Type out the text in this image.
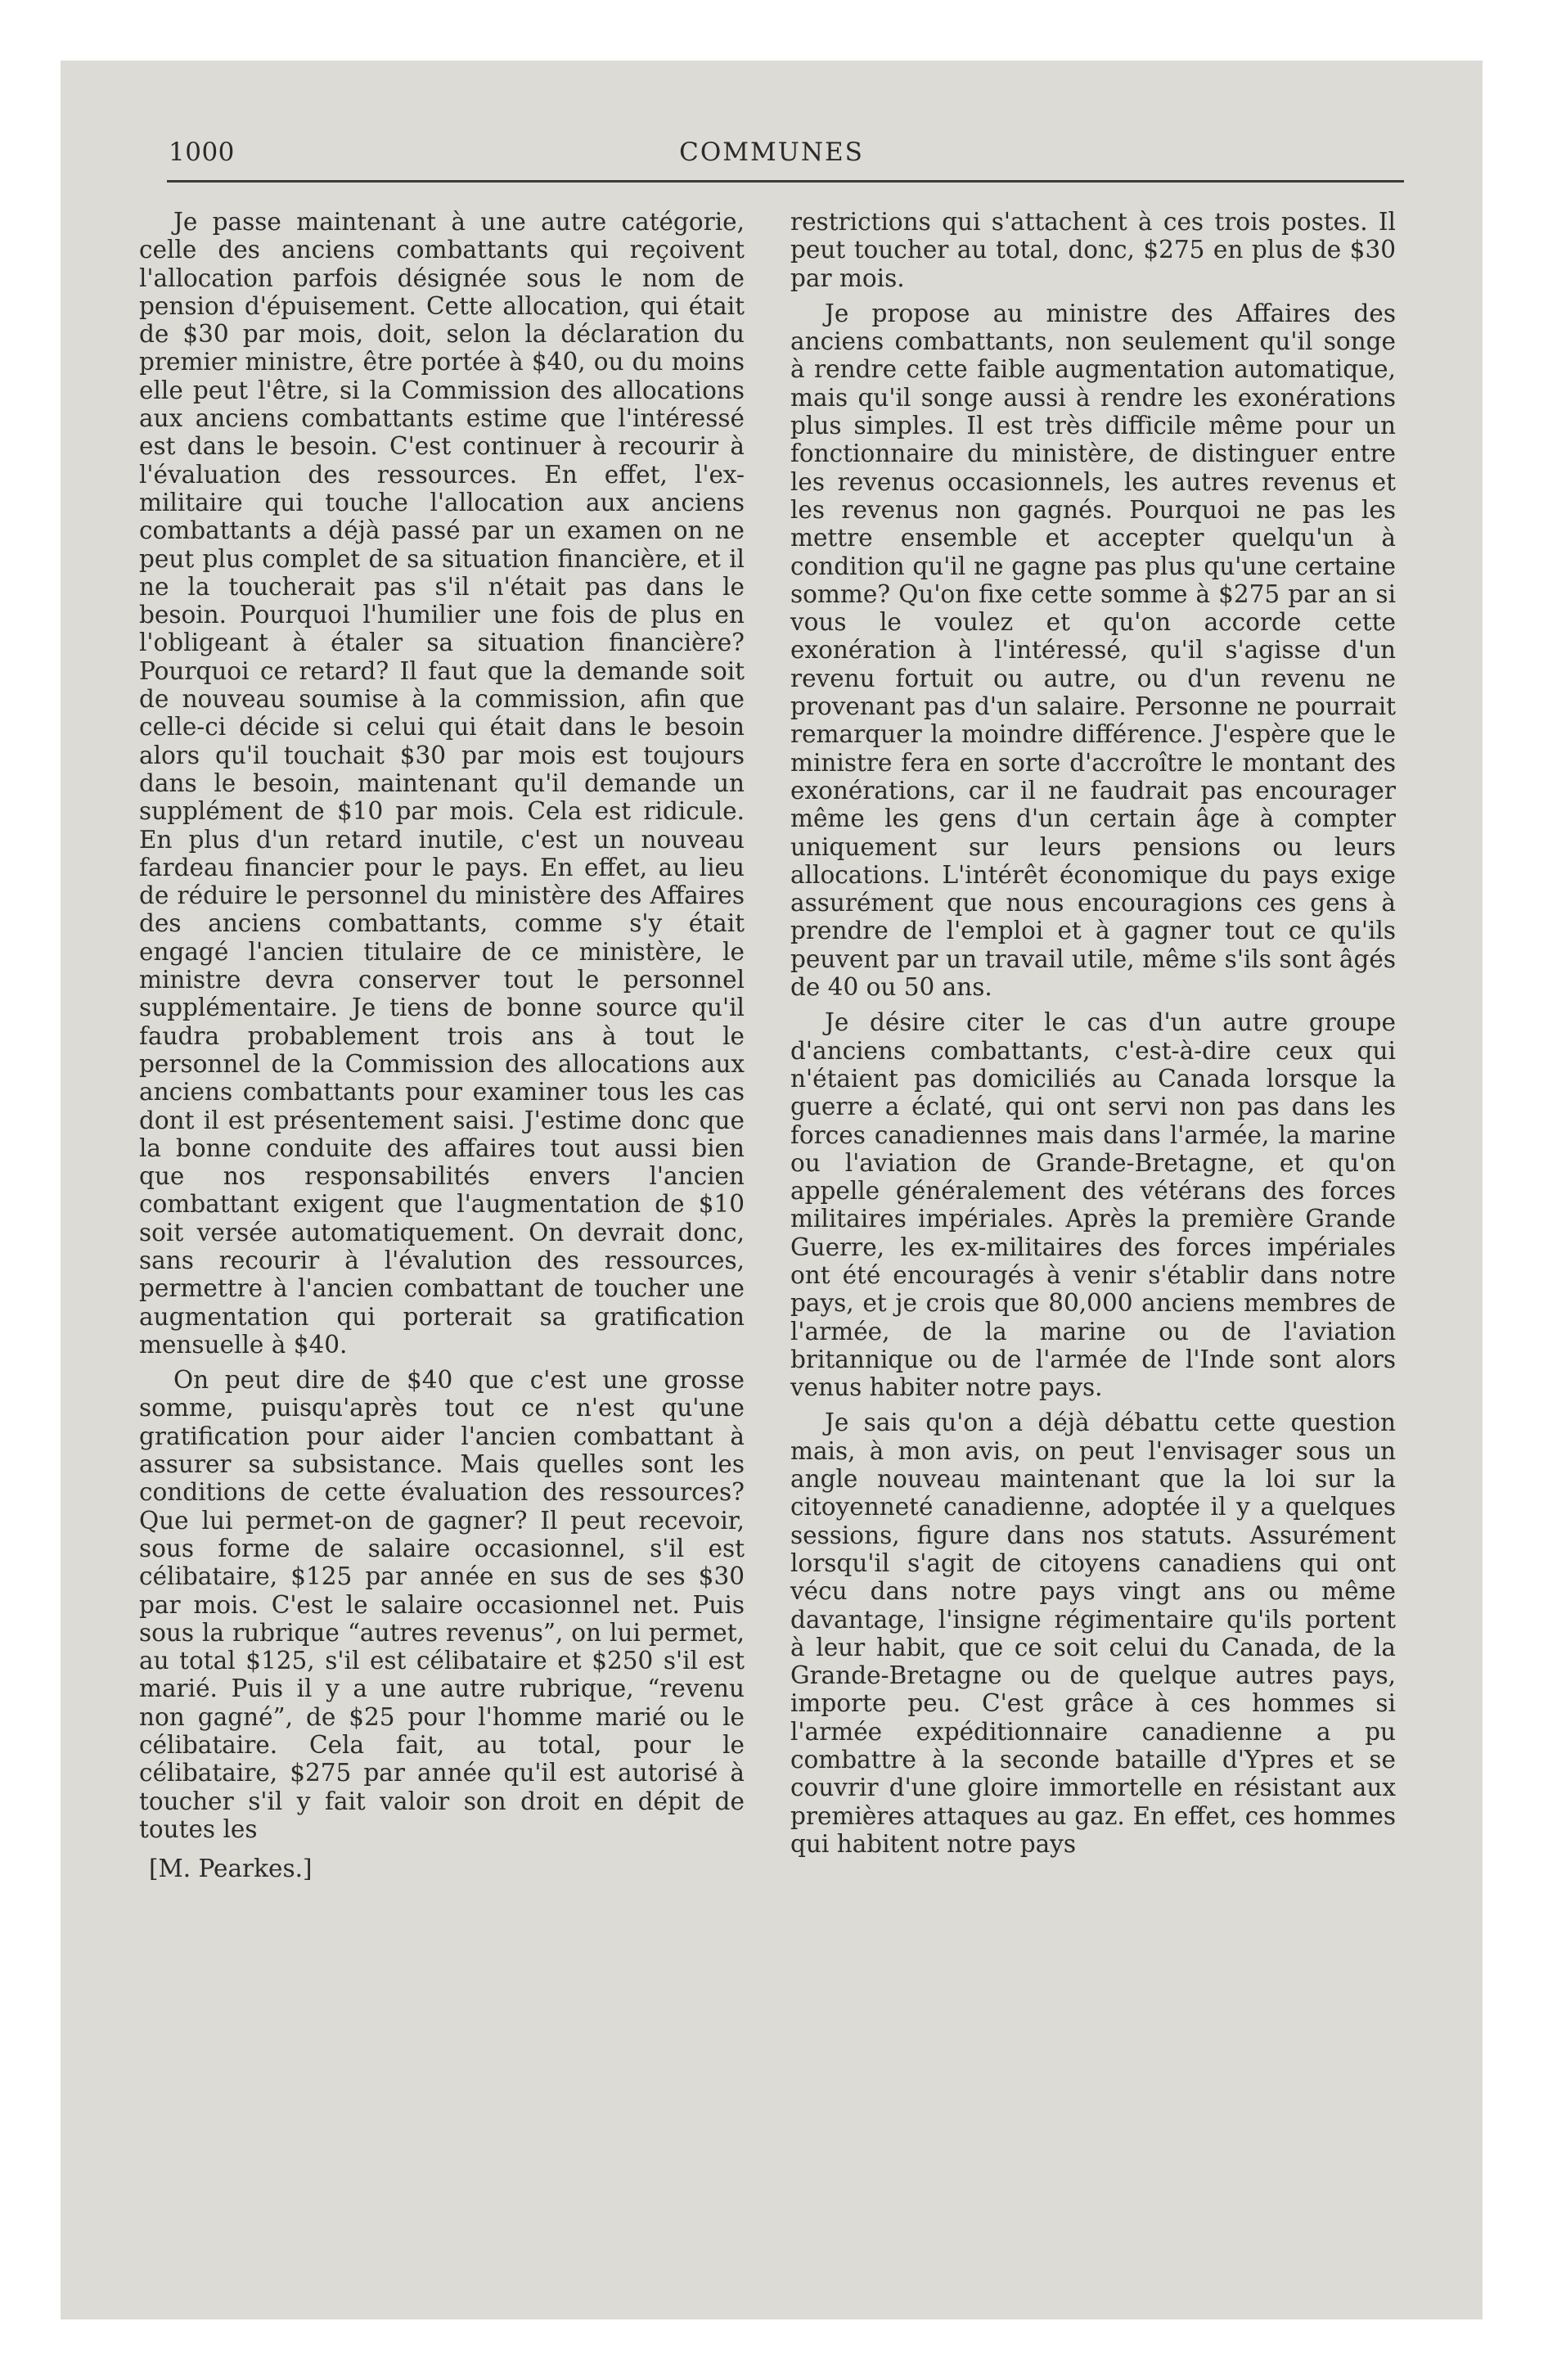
1000	COMMUNES

Je passe maintenant à une autre catégorie, celle des anciens combattants qui reçoivent l'allocation parfois désignée sous le nom de pension d'épuisement. Cette allocation, qui était de $30 par mois, doit, selon la déclaration du premier ministre, être portée à $40, ou du moins elle peut l'être, si la Commission des allocations aux anciens combattants estime que l'intéressé est dans le besoin. C'est continuer à recourir à l'évaluation des ressources. En effet, l'ex-militaire qui touche l'allocation aux anciens combattants a déjà passé par un examen on ne peut plus complet de sa situation financière, et il ne la toucherait pas s'il n'était pas dans le besoin. Pourquoi l'humilier une fois de plus en l'obligeant à étaler sa situation financière? Pourquoi ce retard? Il faut que la demande soit de nouveau soumise à la commission, afin que celle-ci décide si celui qui était dans le besoin alors qu'il touchait $30 par mois est toujours dans le besoin, maintenant qu'il demande un supplément de $10 par mois. Cela est ridicule. En plus d'un retard inutile, c'est un nouveau fardeau financier pour le pays. En effet, au lieu de réduire le personnel du ministère des Affaires des anciens combattants, comme s'y était engagé l'ancien titulaire de ce ministère, le ministre devra conserver tout le personnel supplémentaire. Je tiens de bonne source qu'il faudra probablement trois ans à tout le personnel de la Commission des allocations aux anciens combattants pour examiner tous les cas dont il est présentement saisi. J'estime donc que la bonne conduite des affaires tout aussi bien que nos responsabilités envers l'ancien combattant exigent que l'augmentation de $10 soit versée automatiquement. On devrait donc, sans recourir à l'évalution des ressources, permettre à l'ancien combattant de toucher une augmentation qui porterait sa gratification mensuelle à $40.

On peut dire de $40 que c'est une grosse somme, puisqu'après tout ce n'est qu'une gratification pour aider l'ancien combattant à assurer sa subsistance. Mais quelles sont les conditions de cette évaluation des ressources? Que lui permet-on de gagner? Il peut recevoir, sous forme de salaire occasionnel, s'il est célibataire, $125 par année en sus de ses $30 par mois. C'est le salaire occasionnel net. Puis sous la rubrique “autres revenus”, on lui permet, au total $125, s'il est célibataire et $250 s'il est marié. Puis il y a une autre rubrique, “revenu non gagné”, de $25 pour l'homme marié ou le célibataire. Cela fait, au total, pour le célibataire, $275 par année qu'il est autorisé à toucher s'il y fait valoir son droit en dépit de toutes les

[M. Pearkes.]

restrictions qui s'attachent à ces trois postes. Il peut toucher au total, donc, $275 en plus de $30 par mois.

Je propose au ministre des Affaires des anciens combattants, non seulement qu'il songe à rendre cette faible augmentation automatique, mais qu'il songe aussi à rendre les exonérations plus simples. Il est très difficile même pour un fonctionnaire du ministère, de distinguer entre les revenus occasionnels, les autres revenus et les revenus non gagnés. Pourquoi ne pas les mettre ensemble et accepter quelqu'un à condition qu'il ne gagne pas plus qu'une certaine somme? Qu'on fixe cette somme à $275 par an si vous le voulez et qu'on accorde cette exonération à l'intéressé, qu'il s'agisse d'un revenu fortuit ou autre, ou d'un revenu ne provenant pas d'un salaire. Personne ne pourrait remarquer la moindre différence. J'espère que le ministre fera en sorte d'accroître le montant des exonérations, car il ne faudrait pas encourager même les gens d'un certain âge à compter uniquement sur leurs pensions ou leurs allocations. L'intérêt économique du pays exige assurément que nous encouragions ces gens à prendre de l'emploi et à gagner tout ce qu'ils peuvent par un travail utile, même s'ils sont âgés de 40 ou 50 ans.

Je désire citer le cas d'un autre groupe d'anciens combattants, c'est-à-dire ceux qui n'étaient pas domiciliés au Canada lorsque la guerre a éclaté, qui ont servi non pas dans les forces canadiennes mais dans l'armée, la marine ou l'aviation de Grande-Bretagne, et qu'on appelle généralement des vétérans des forces militaires impériales. Après la première Grande Guerre, les ex-militaires des forces impériales ont été encouragés à venir s'établir dans notre pays, et je crois que 80,000 anciens membres de l'armée, de la marine ou de l'aviation britannique ou de l'armée de l'Inde sont alors venus habiter notre pays.

Je sais qu'on a déjà débattu cette question mais, à mon avis, on peut l'envisager sous un angle nouveau maintenant que la loi sur la citoyenneté canadienne, adoptée il y a quelques sessions, figure dans nos statuts. Assurément lorsqu'il s'agit de citoyens canadiens qui ont vécu dans notre pays vingt ans ou même davantage, l'insigne régimentaire qu'ils portent à leur habit, que ce soit celui du Canada, de la Grande-Bretagne ou de quelque autres pays, importe peu. C'est grâce à ces hommes si l'armée expéditionnaire canadienne a pu combattre à la seconde bataille d'Ypres et se couvrir d'une gloire immortelle en résistant aux premières attaques au gaz. En effet, ces hommes qui habitent notre pays
